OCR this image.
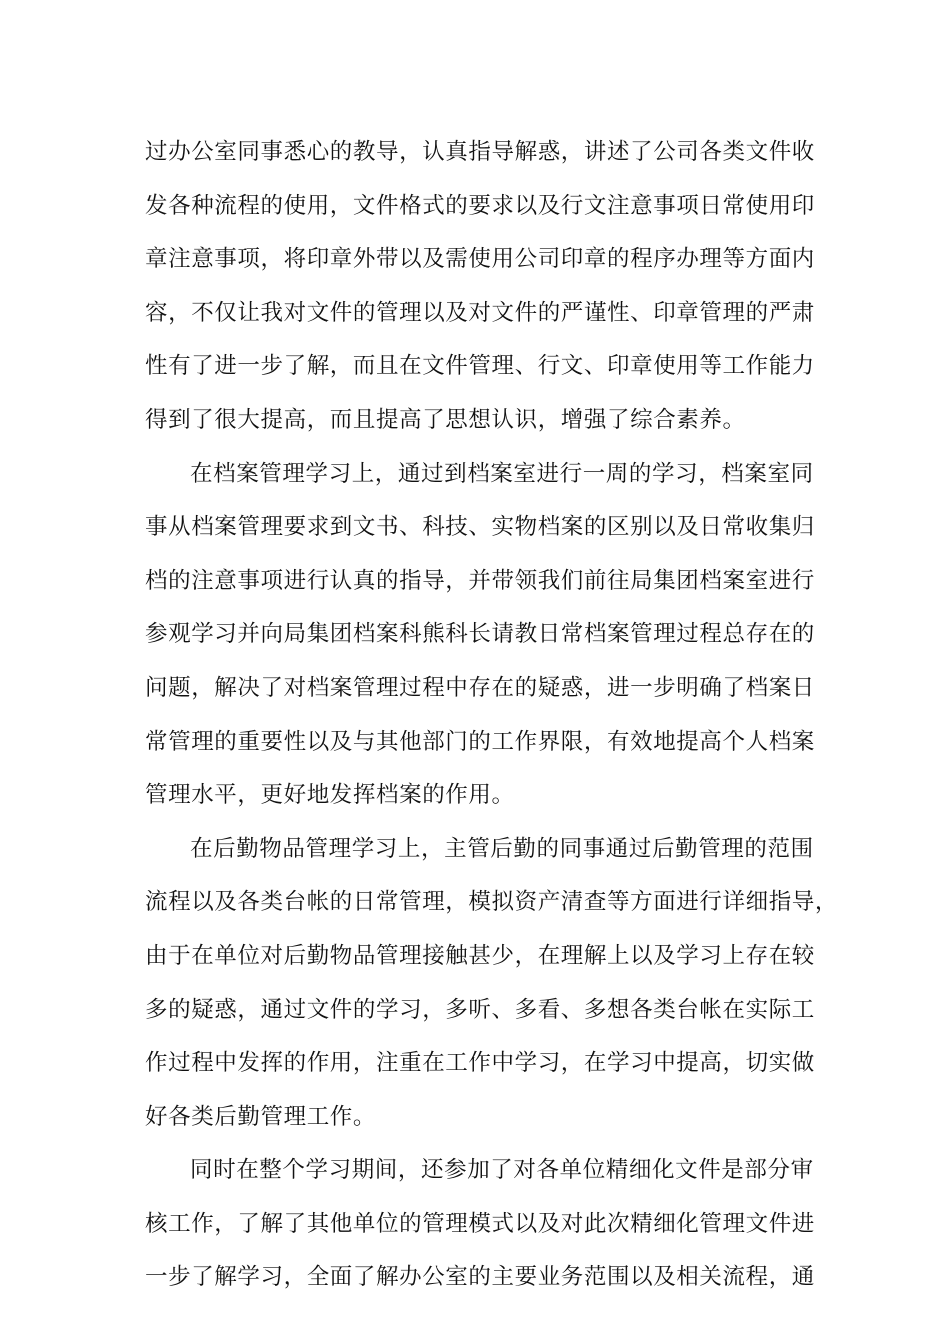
过办公室同事悉心的教导，认真指导解惑，讲述了公司各类文件收
发各种流程的使用，文件格式的要求以及行文注意事项日常使用印
章注意事项，将印章外带以及需使用公司印章的程序办理等方面内
容，不仅让我对文件的管理以及对文件的严谨性、印章管理的严肃
性有了进一步了解，而且在文件管理、行文、印章使用等工作能力
得到了很大提高，而且提高了思想认识，增强了综合素养。
在档案管理学习上，通过到档案室进行一周的学习，档案室同
事从档案管理要求到文书、科技、实物档案的区别以及日常收集归
档的注意事项进行认真的指导，并带领我们前往局集团档案室进行
参观学习并向局集团档案科熊科长请教日常档案管理过程总存在的
问题，解决了对档案管理过程中存在的疑惑，进一步明确了档案日
常管理的重要性以及与其他部门的工作界限，有效地提高个人档案
管理水平，更好地发挥档案的作用。
在后勤物品管理学习上，主管后勤的同事通过后勤管理的范围
流程以及各类台帐的日常管理，模拟资产清查等方面进行详细指导，
由于在单位对后勤物品管理接触甚少，在理解上以及学习上存在较
多的疑惑，通过文件的学习，多听、多看、多想各类台帐在实际工
作过程中发挥的作用，注重在工作中学习，在学习中提高，切实做
好各类后勤管理工作。
同时在整个学习期间，还参加了对各单位精细化文件是部分审
核工作，了解了其他单位的管理模式以及对此次精细化管理文件进
一步了解学习，全面了解办公室的主要业务范围以及相关流程，通
